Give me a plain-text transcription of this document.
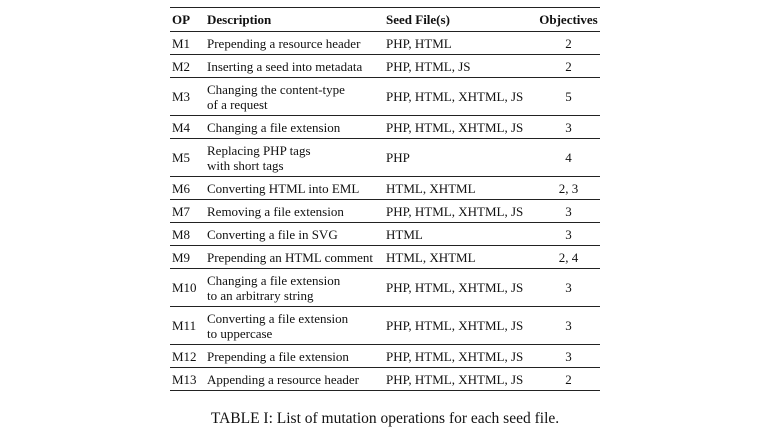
OP	Description	Seed File(s)	Objectives
M1	Prepending a resource header	PHP, HTML	2
M2	Inserting a seed into metadata	PHP, HTML, JS	2
M3	Changing the content-type
of a request	PHP, HTML, XHTML, JS	5
M4	Changing a file extension	PHP, HTML, XHTML, JS	3
M5	Replacing PHP tags
with short tags	PHP	4
M6	Converting HTML into EML	HTML, XHTML	2, 3
M7	Removing a file extension	PHP, HTML, XHTML, JS	3
M8	Converting a file in SVG	HTML	3
M9	Prepending an HTML comment	HTML, XHTML	2, 4
M10	Changing a file extension
to an arbitrary string	PHP, HTML, XHTML, JS	3
M11	Converting a file extension
to uppercase	PHP, HTML, XHTML, JS	3
M12	Prepending a file extension	PHP, HTML, XHTML, JS	3
M13	Appending a resource header	PHP, HTML, XHTML, JS	2
TABLE I: List of mutation operations for each seed file.
